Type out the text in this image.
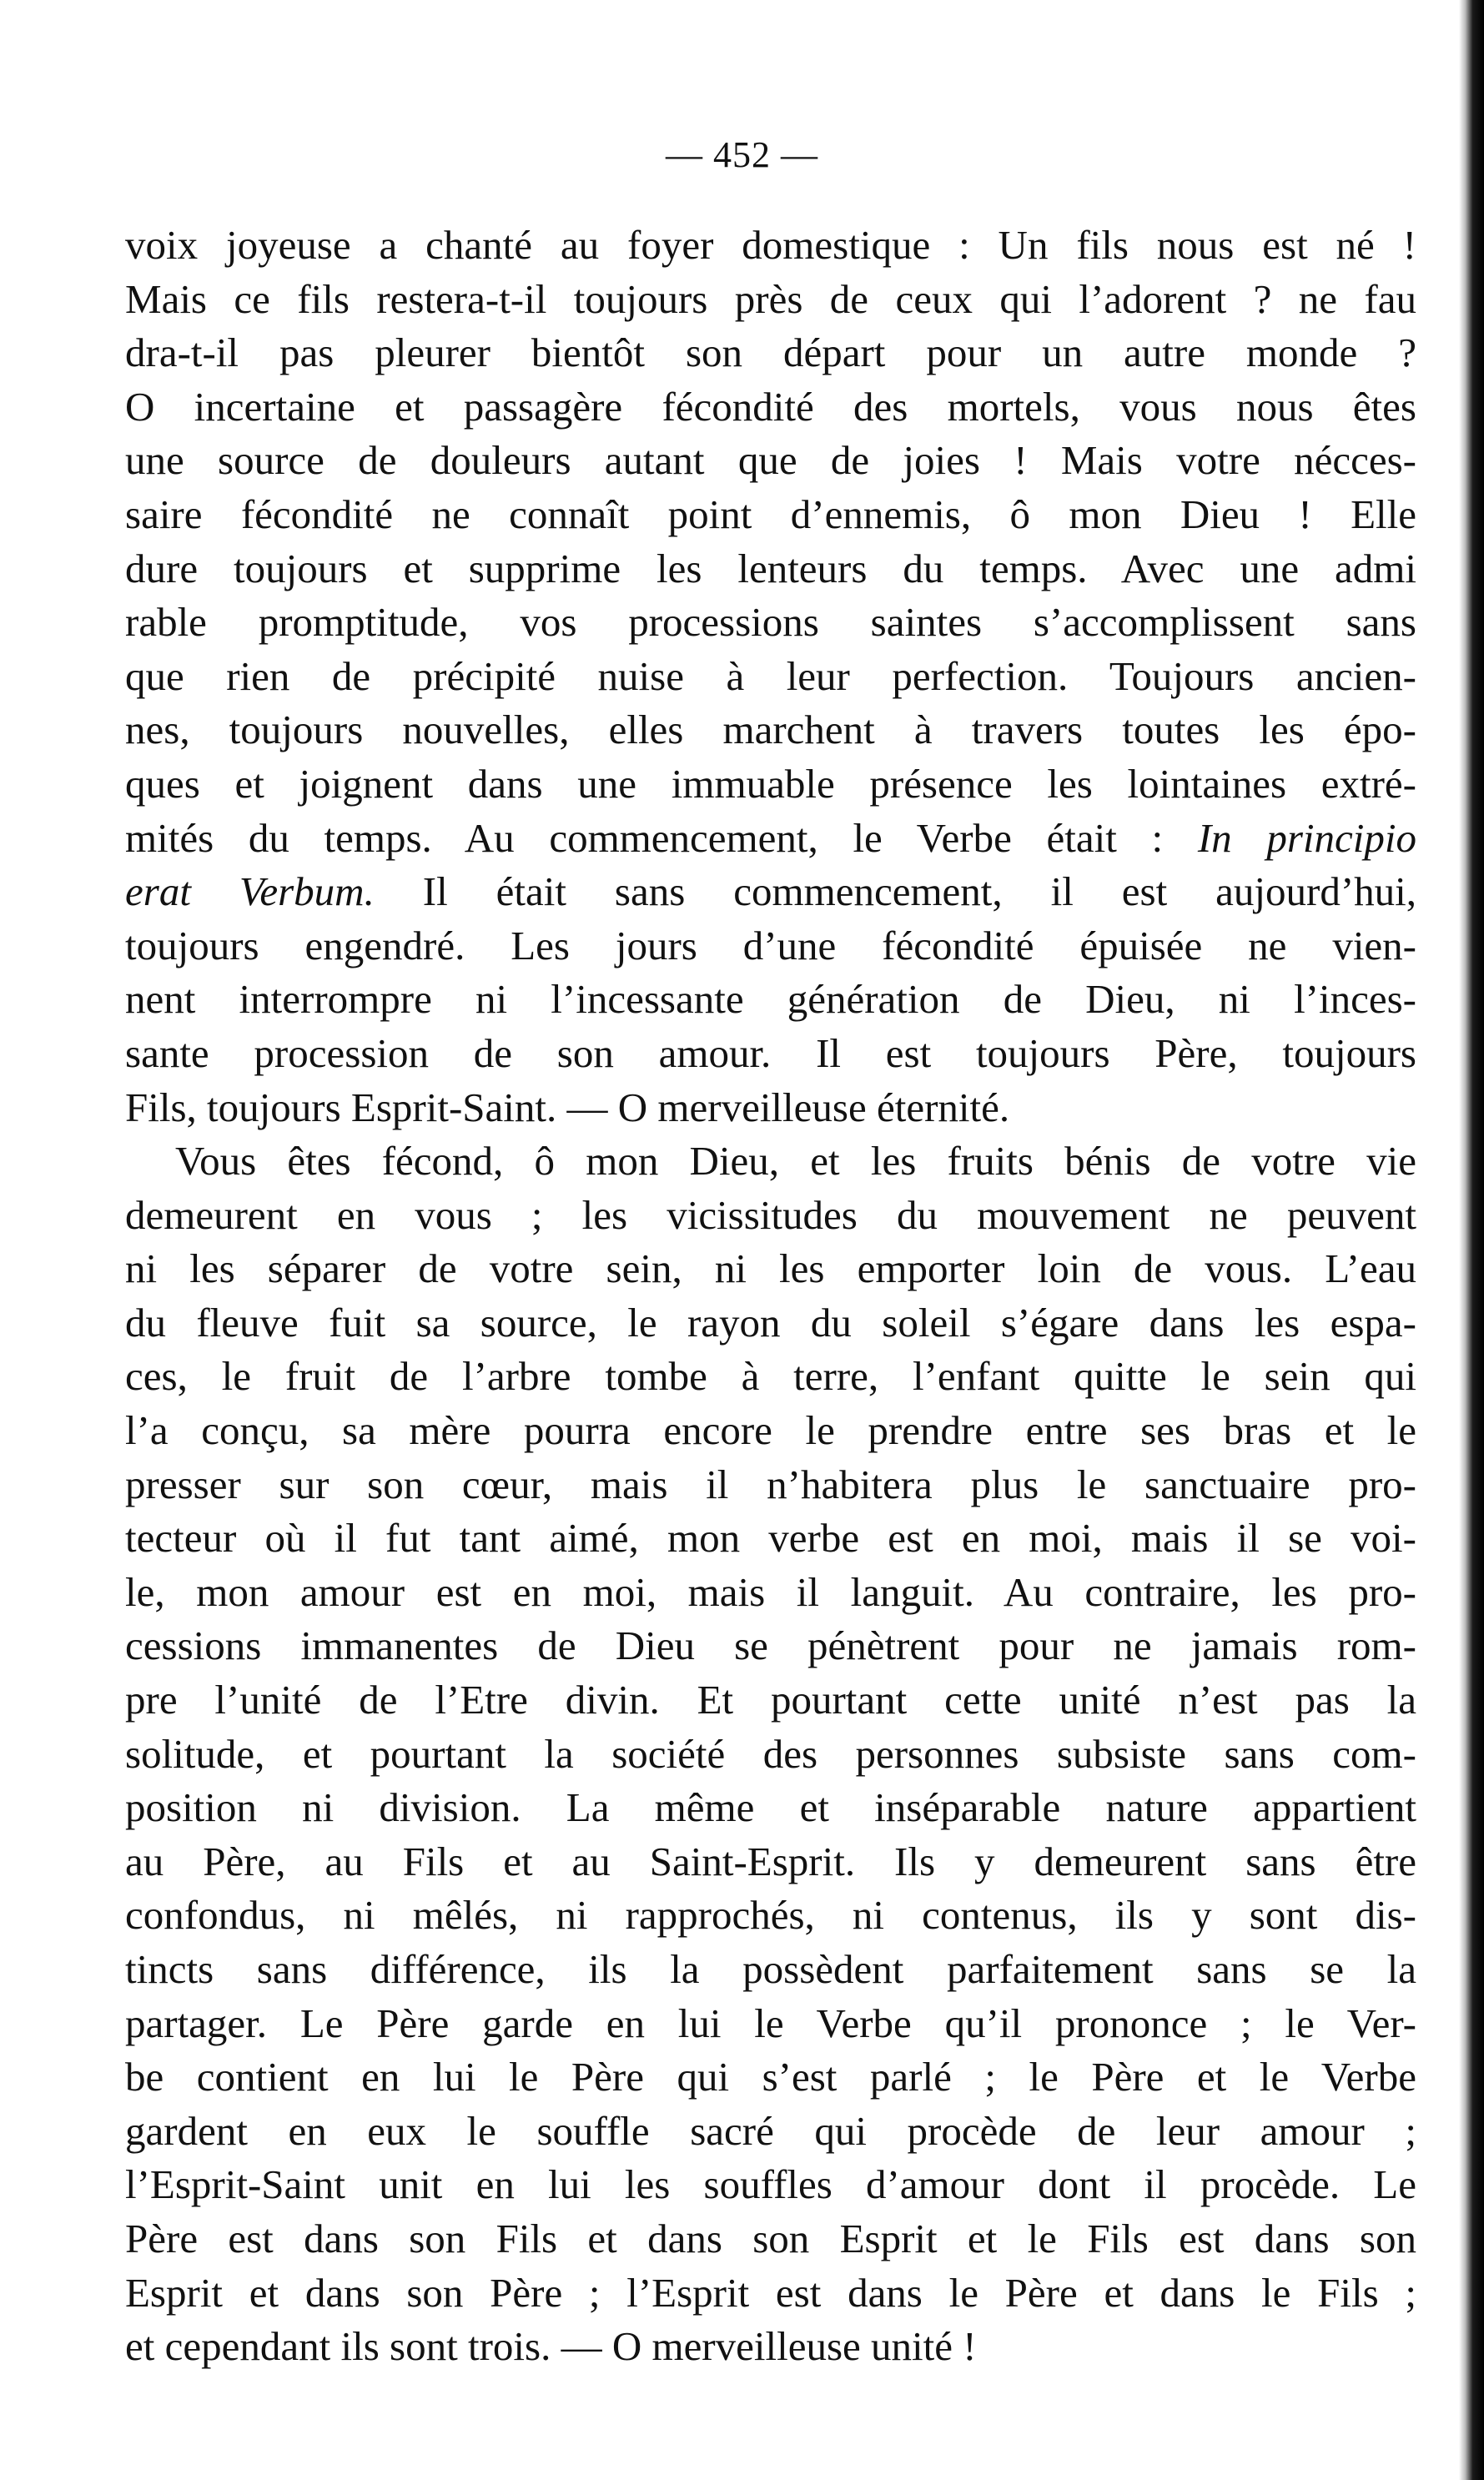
— 452 —
voix joyeuse a chanté au foyer domestique : Un fils nous est né !
Mais ce fils restera-t-il toujours près de ceux qui l’adorent ? ne fau
dra-t-il pas pleurer bientôt son départ pour un autre monde ?
O incertaine et passagère fécondité des mortels, vous nous êtes
une source de douleurs autant que de joies ! Mais votre nécces-
saire fécondité ne connaît point d’ennemis, ô mon Dieu ! Elle
dure toujours et supprime les lenteurs du temps. Avec une admi
rable promptitude, vos processions saintes s’accomplissent sans
que rien de précipité nuise à leur perfection. Toujours ancien-
nes, toujours nouvelles, elles marchent à travers toutes les épo-
ques et joignent dans une immuable présence les lointaines extré-
mités du temps. Au commencement, le Verbe était : In principio
erat Verbum. Il était sans commencement, il est aujourd’hui,
toujours engendré. Les jours d’une fécondité épuisée ne vien-
nent interrompre ni l’incessante génération de Dieu, ni l’inces-
sante procession de son amour. Il est toujours Père, toujours
Fils, toujours Esprit-Saint. — O merveilleuse éternité.
Vous êtes fécond, ô mon Dieu, et les fruits bénis de votre vie
demeurent en vous ; les vicissitudes du mouvement ne peuvent
ni les séparer de votre sein, ni les emporter loin de vous. L’eau
du fleuve fuit sa source, le rayon du soleil s’égare dans les espa-
ces, le fruit de l’arbre tombe à terre, l’enfant quitte le sein qui
l’a conçu, sa mère pourra encore le prendre entre ses bras et le
presser sur son cœur, mais il n’habitera plus le sanctuaire pro-
tecteur où il fut tant aimé, mon verbe est en moi, mais il se voi-
le, mon amour est en moi, mais il languit. Au contraire, les pro-
cessions immanentes de Dieu se pénètrent pour ne jamais rom-
pre l’unité de l’Etre divin. Et pourtant cette unité n’est pas la
solitude, et pourtant la société des personnes subsiste sans com-
position ni division. La même et inséparable nature appartient
au Père, au Fils et au Saint-Esprit. Ils y demeurent sans être
confondus, ni mêlés, ni rapprochés, ni contenus, ils y sont dis-
tincts sans différence, ils la possèdent parfaitement sans se la
partager. Le Père garde en lui le Verbe qu’il prononce ; le Ver-
be contient en lui le Père qui s’est parlé ; le Père et le Verbe
gardent en eux le souffle sacré qui procède de leur amour ;
l’Esprit-Saint unit en lui les souffles d’amour dont il procède. Le
Père est dans son Fils et dans son Esprit et le Fils est dans son
Esprit et dans son Père ; l’Esprit est dans le Père et dans le Fils ;
et cependant ils sont trois. — O merveilleuse unité !
